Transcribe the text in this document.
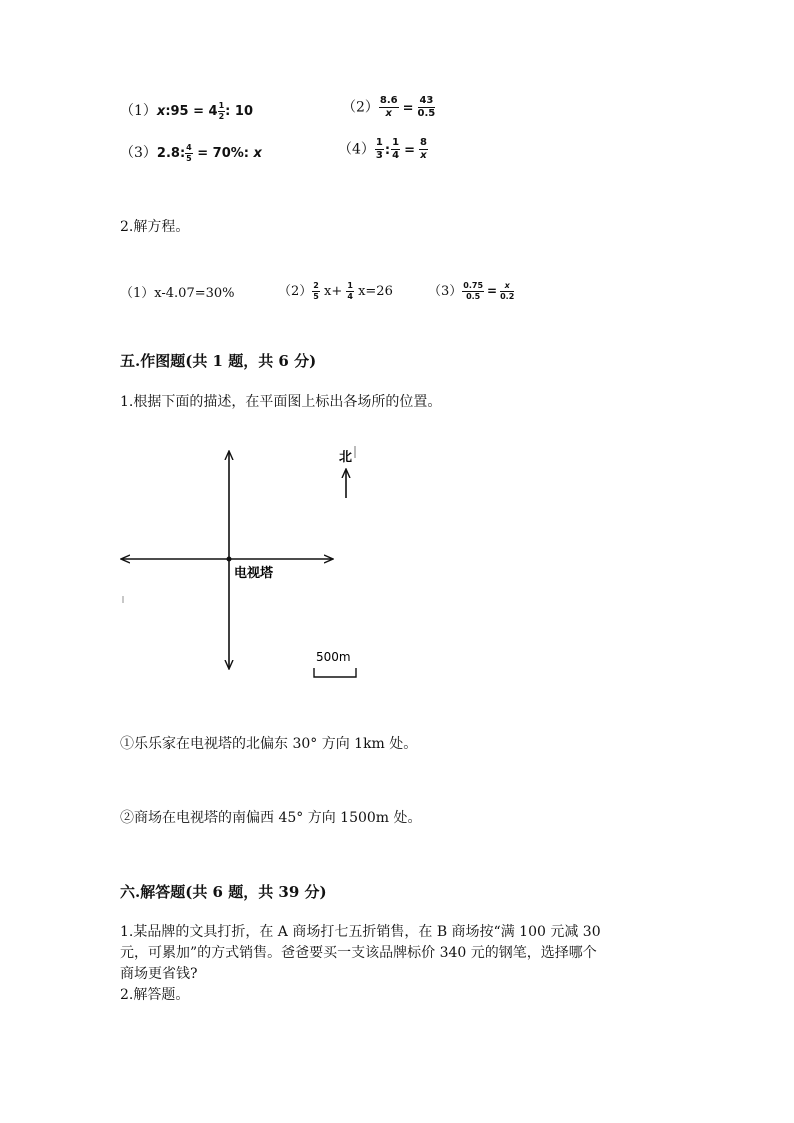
（1）x:95 = $4 \frac{1}{2}$ : 10	$(2) \frac{8.6}{x} = \frac{43}{0.5}$
（3）2.8: $\frac{4}{5} = 70\%$: x	$(4) \frac{1}{3}$ : $\frac{1}{4} = \frac{8}{x}$
2.解方程。
（1）x-4.07=30%	$(2) \frac{2}{5} x+ \frac{1}{4} x=26$	$(3) \frac{0.75}{0.5} = \frac{x}{0.2}$
五.作图题(共 1 题，共 6 分)
1.根据下面的描述，在平面图上标出各场所的位置。
电视塔
北
500m
①乐乐家在电视塔的北偏东 30° 方向 1km 处。
②商场在电视塔的南偏西 45° 方向 1500m 处。
六.解答题(共 6 题，共 39 分)
1.某品牌的文具打折，在 A 商场打七五折销售，在 B 商场按“满 100 元减 30
元，可累加”的方式销售。爸爸要买一支该品牌标价 340 元的钢笔，选择哪个
商场更省钱?
2.解答题。
